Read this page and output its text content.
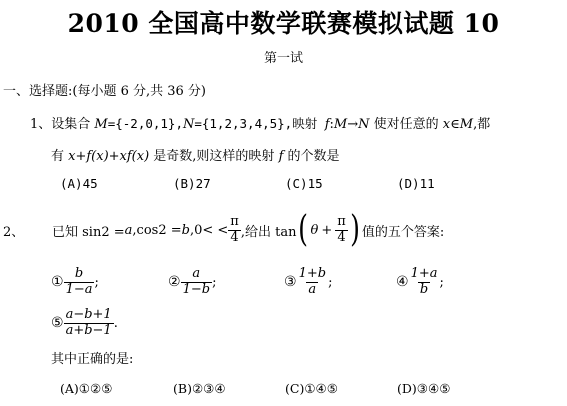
2010 全国高中数学联赛模拟试题 10
第一试
一、选择题:(每小题 6 分,共 36 分)
1、设集合 M={-2,0,1},N={1,2,3,4,5},映射 f:M→N 使对任意的 x∈M,都
有 x+f(x)+xf(x) 是奇数,则这样的映射 f 的个数是
(A)45	(B)27	(C)15	(D)11
2、 已知 sin2 = a ,cos2 = b $,0< < \frac{\pi}{4}$ ,给出 tan ( $\theta + \frac{\pi}{4}$ ) 值的五个答案:
① $\frac{b}{1-a}$ ;	② $\frac{a}{1-b}$ ;	③ $\frac{1+b}{a}$ ;	④ $\frac{1+a}{b}$ ;
⑤ $\frac{a-b+1}{a+b-1}$ .
其中正确的是:
(A)①②⑤	(B)②③④	(C)①④⑤	(D)③④⑤
